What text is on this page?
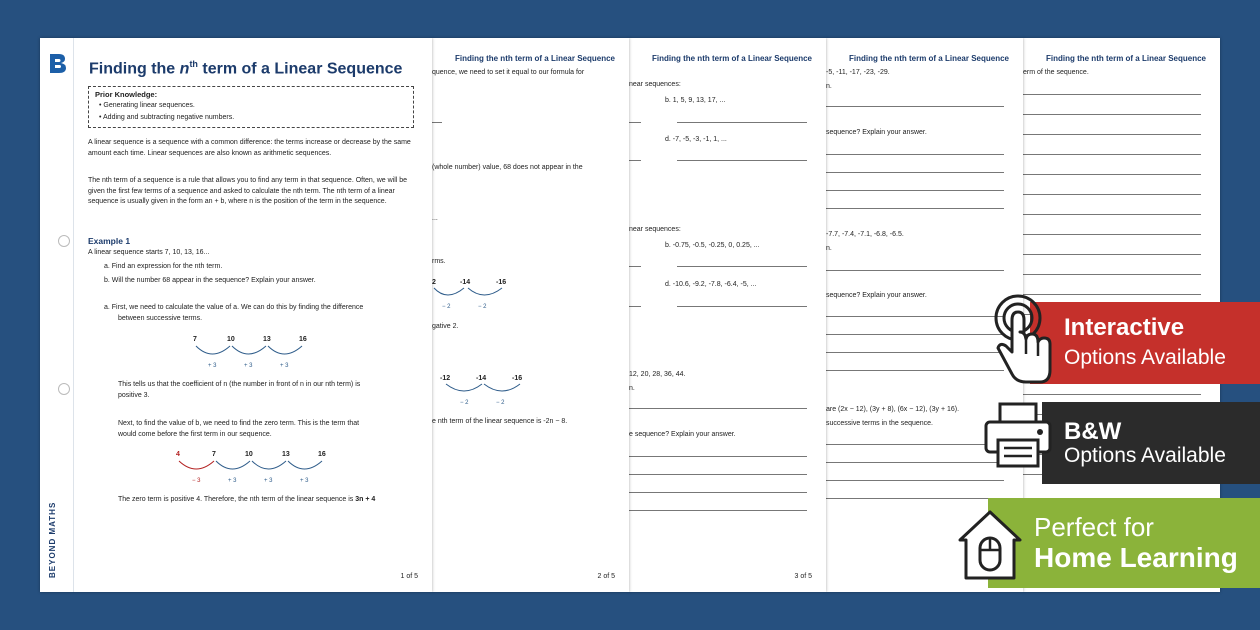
Finding the nth term of a Linear Sequence
erm of the sequence.
Finding the nth term of a Linear Sequence
-5, -11, -17, -23, -29.
n.
sequence? Explain your answer.
-7.7, -7.4, -7.1, -6.8, -6.5.
n.
sequence? Explain your answer.
are (2x − 12), (3y + 8), (6x − 12), (3y + 16).
successive terms in the sequence.
Finding the nth term of a Linear Sequence
near sequences:
b. 1, 5, 9, 13, 17, ...
d. -7, -5, -3, -1, 1, ...
near sequences:
b. -0.75, -0.5, -0.25, 0, 0.25, ...
d. -10.6, -9.2, -7.8, -6.4, -5, ...
12, 20, 28, 36, 44.
n.
e sequence? Explain your answer.
3 of 5
Finding the nth term of a Linear Sequence
quence, we need to set it equal to our formula for
(whole number) value, 68 does not appear in the
...
rms.
2	-14	-16
− 2	− 2
gative 2.
-12	-14	-16
− 2	− 2
e nth term of the linear sequence is -2n − 8.
2 of 5
BEYOND MATHS
Finding the $n^{th}$ term of a Linear Sequence
Prior Knowledge:
• Generating linear sequences.
• Adding and subtracting negative numbers.
A linear sequence is a sequence with a common difference: the terms increase or decrease by the same amount each time. Linear sequences are also known as arithmetic sequences.
The nth term of a sequence is a rule that allows you to find any term in that sequence. Often, we will be given the first few terms of a sequence and asked to calculate the nth term. The nth term of a linear sequence is usually given in the form an + b, where n is the position of the term in the sequence.
Example 1
A linear sequence starts 7, 10, 13, 16...
a. Find an expression for the nth term.
b. Will the number 68 appear in the sequence? Explain your answer.
a. First, we need to calculate the value of a. We can do this by finding the difference
between successive terms.
7	10	13	16
+ 3	+ 3	+ 3
This tells us that the coefficient of n (the number in front of n in our nth term) is
positive 3.
Next, to find the value of b, we need to find the zero term. This is the term that
would come before the first term in our sequence.
4	7	10	13	16
− 3	+ 3	+ 3	+ 3
The zero term is positive 4. Therefore, the nth term of the linear sequence is 3n + 4
1 of 5
Interactive
Options Available
B&W
Options Available
Perfect for
Home Learning
